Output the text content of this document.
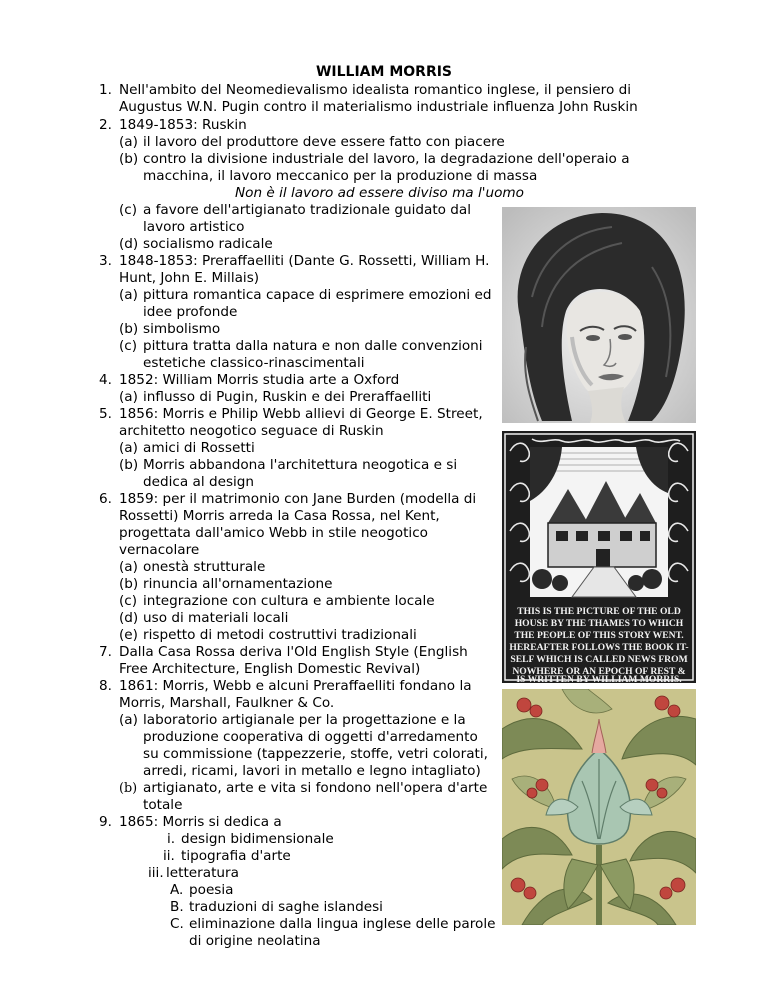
WILLIAM MORRIS
1. Nell'ambito del Neomedievalismo idealista romantico inglese, il pensiero di
Augustus W.N. Pugin contro il materialismo industriale influenza John Ruskin
2. 1849-1853: Ruskin
(a) il lavoro del produttore deve essere fatto con piacere
(b) contro la divisione industriale del lavoro, la degradazione dell'operaio a
macchina, il lavoro meccanico per la produzione di massa
Non è il lavoro ad essere diviso ma l'uomo
(c) a favore dell'artigianato tradizionale guidato dal
lavoro artistico
(d) socialismo radicale
3. 1848-1853: Preraffaelliti (Dante G. Rossetti, William H.
Hunt, John E. Millais)
(a) pittura romantica capace di esprimere emozioni ed
idee profonde
(b) simbolismo
(c) pittura tratta dalla natura e non dalle convenzioni
estetiche classico-rinascimentali
4. 1852: William Morris studia arte a Oxford
(a) influsso di Pugin, Ruskin e dei Preraffaelliti
5. 1856: Morris e Philip Webb allievi di George E. Street,
architetto neogotico seguace di Ruskin
(a) amici di Rossetti
(b) Morris abbandona l'architettura neogotica e si
dedica al design
6. 1859: per il matrimonio con Jane Burden (modella di
Rossetti) Morris arreda la Casa Rossa, nel Kent,
progettata dall'amico Webb in stile neogotico
vernacolare
(a) onestà strutturale
(b) rinuncia all'ornamentazione
(c) integrazione con cultura e ambiente locale
(d) uso di materiali locali
(e) rispetto di metodi costruttivi tradizionali
7. Dalla Casa Rossa deriva l'Old English Style (English
Free Architecture, English Domestic Revival)
8. 1861: Morris, Webb e alcuni Preraffaelliti fondano la
Morris, Marshall, Faulkner & Co.
(a) laboratorio artigianale per la progettazione e la
produzione cooperativa di oggetti d'arredamento
su commissione (tappezzerie, stoffe, vetri colorati,
arredi, ricami, lavori in metallo e legno intagliato)
(b) artigianato, arte e vita si fondono nell'opera d'arte
totale
9. 1865: Morris si dedica a
i. design bidimensionale
ii. tipografia d'arte
iii. letteratura
A. poesia
B. traduzioni di saghe islandesi
C. eliminazione dalla lingua inglese delle parole
di origine neolatina
THIS IS THE PICTURE OF THE OLD
HOUSE BY THE THAMES TO WHICH
THE PEOPLE OF THIS STORY WENT.
HEREAFTER FOLLOWS THE BOOK IT-
SELF WHICH IS CALLED NEWS FROM
NOWHERE OR AN EPOCH OF REST &
IS WRITTEN BY WILLIAM MORRIS.
